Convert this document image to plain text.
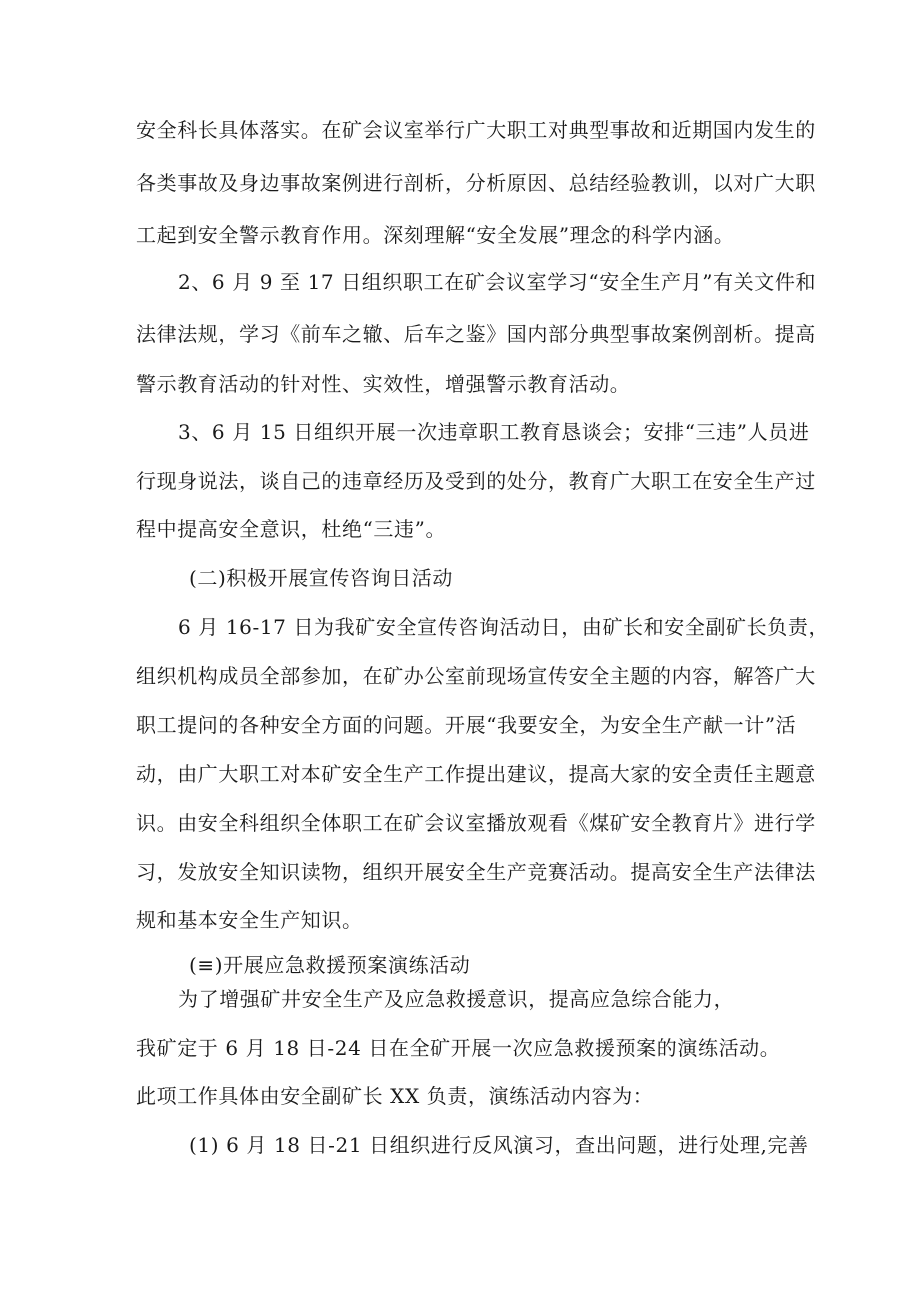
安全科长具体落实。在矿会议室举行广大职工对典型事故和近期国内发生的
各类事故及身边事故案例进行剖析，分析原因、总结经验教训，以对广大职
工起到安全警示教育作用。深刻理解“安全发展”理念的科学内涵。
2、6 月 9 至 17 日组织职工在矿会议室学习“安全生产月”有关文件和
法律法规，学习《前车之辙、后车之鉴》国内部分典型事故案例剖析。提高
警示教育活动的针对性、实效性，增强警示教育活动。
3、6 月 15 日组织开展一次违章职工教育恳谈会；安排“三违”人员进
行现身说法，谈自己的违章经历及受到的处分，教育广大职工在安全生产过
程中提高安全意识，杜绝“三违”。
(二)积极开展宣传咨询日活动
6 月 16-17 日为我矿安全宣传咨询活动日，由矿长和安全副矿长负责，
组织机构成员全部参加，在矿办公室前现场宣传安全主题的内容，解答广大
职工提问的各种安全方面的问题。开展“我要安全，为安全生产献一计”活
动，由广大职工对本矿安全生产工作提出建议，提高大家的安全责任主题意
识。由安全科组织全体职工在矿会议室播放观看《煤矿安全教育片》进行学
习，发放安全知识读物，组织开展安全生产竞赛活动。提高安全生产法律法
规和基本安全生产知识。
(≡)开展应急救援预案演练活动
为了增强矿井安全生产及应急救援意识，提高应急综合能力，
我矿定于 6 月 18 日-24 日在全矿开展一次应急救援预案的演练活动。
此项工作具体由安全副矿长 XX 负责，演练活动内容为：
(1) 6 月 18 日-21 日组织进行反风演习，查出问题，进行处理,完善
